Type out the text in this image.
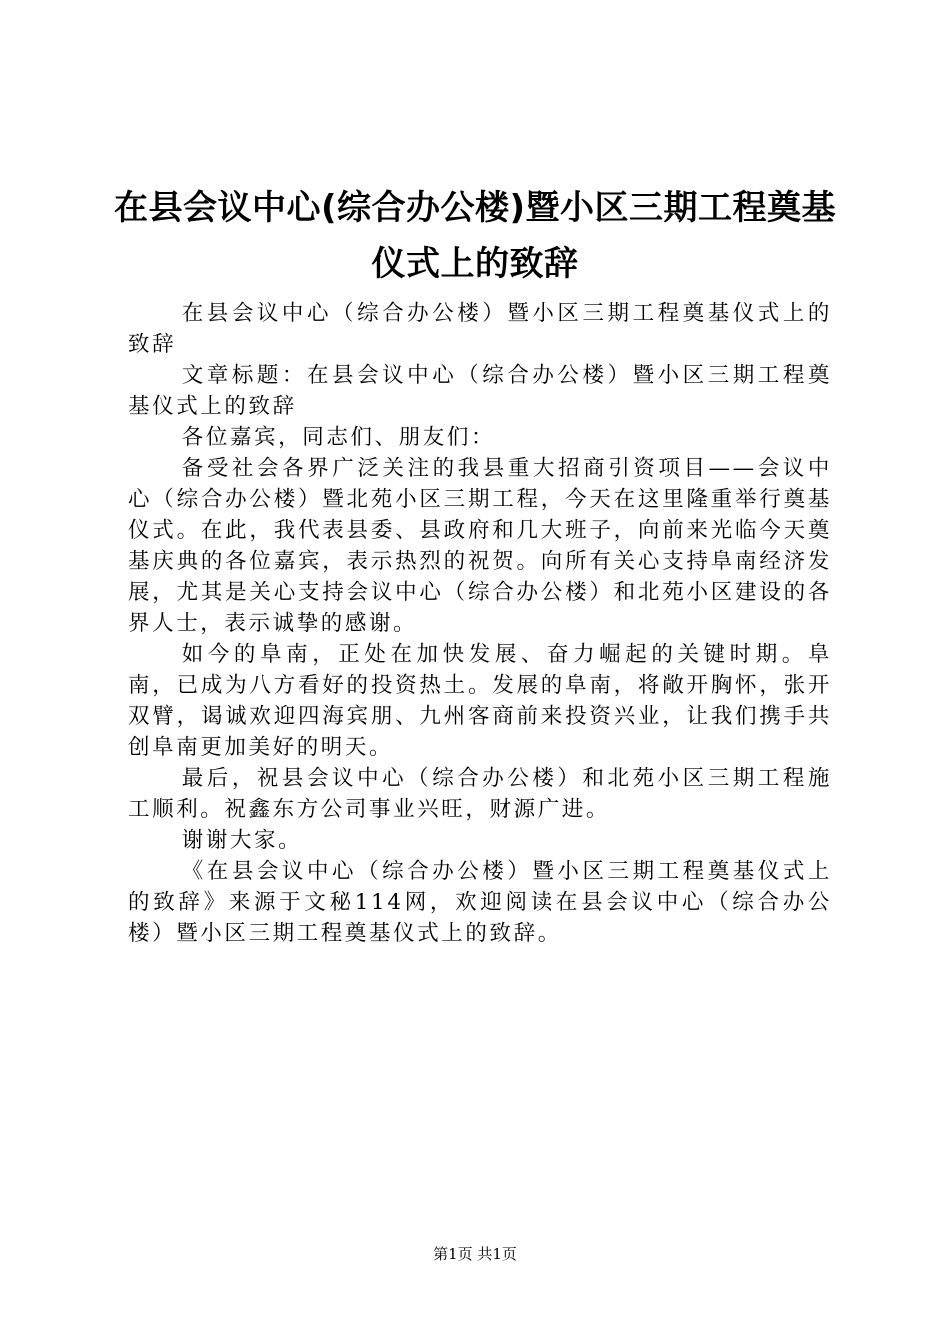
在县会议中心(综合办公楼)暨小区三期工程奠基仪式上的致辞

在县会议中心（综合办公楼）暨小区三期工程奠基仪式上的致辞

文章标题：在县会议中心（综合办公楼）暨小区三期工程奠基仪式上的致辞

各位嘉宾，同志们、朋友们：

备受社会各界广泛关注的我县重大招商引资项目——会议中心（综合办公楼）暨北苑小区三期工程，今天在这里隆重举行奠基仪式。在此，我代表县委、县政府和几大班子，向前来光临今天奠基庆典的各位嘉宾，表示热烈的祝贺。向所有关心支持阜南经济发展，尤其是关心支持会议中心（综合办公楼）和北苑小区建设的各界人士，表示诚挚的感谢。

如今的阜南，正处在加快发展、奋力崛起的关键时期。阜南，已成为八方看好的投资热土。发展的阜南，将敞开胸怀，张开双臂，谒诚欢迎四海宾朋、九州客商前来投资兴业，让我们携手共创阜南更加美好的明天。

最后，祝县会议中心（综合办公楼）和北苑小区三期工程施工顺利。祝鑫东方公司事业兴旺，财源广进。

谢谢大家。

《在县会议中心（综合办公楼）暨小区三期工程奠基仪式上的致辞》来源于文秘114网，欢迎阅读在县会议中心（综合办公楼）暨小区三期工程奠基仪式上的致辞。

第1页 共1页
